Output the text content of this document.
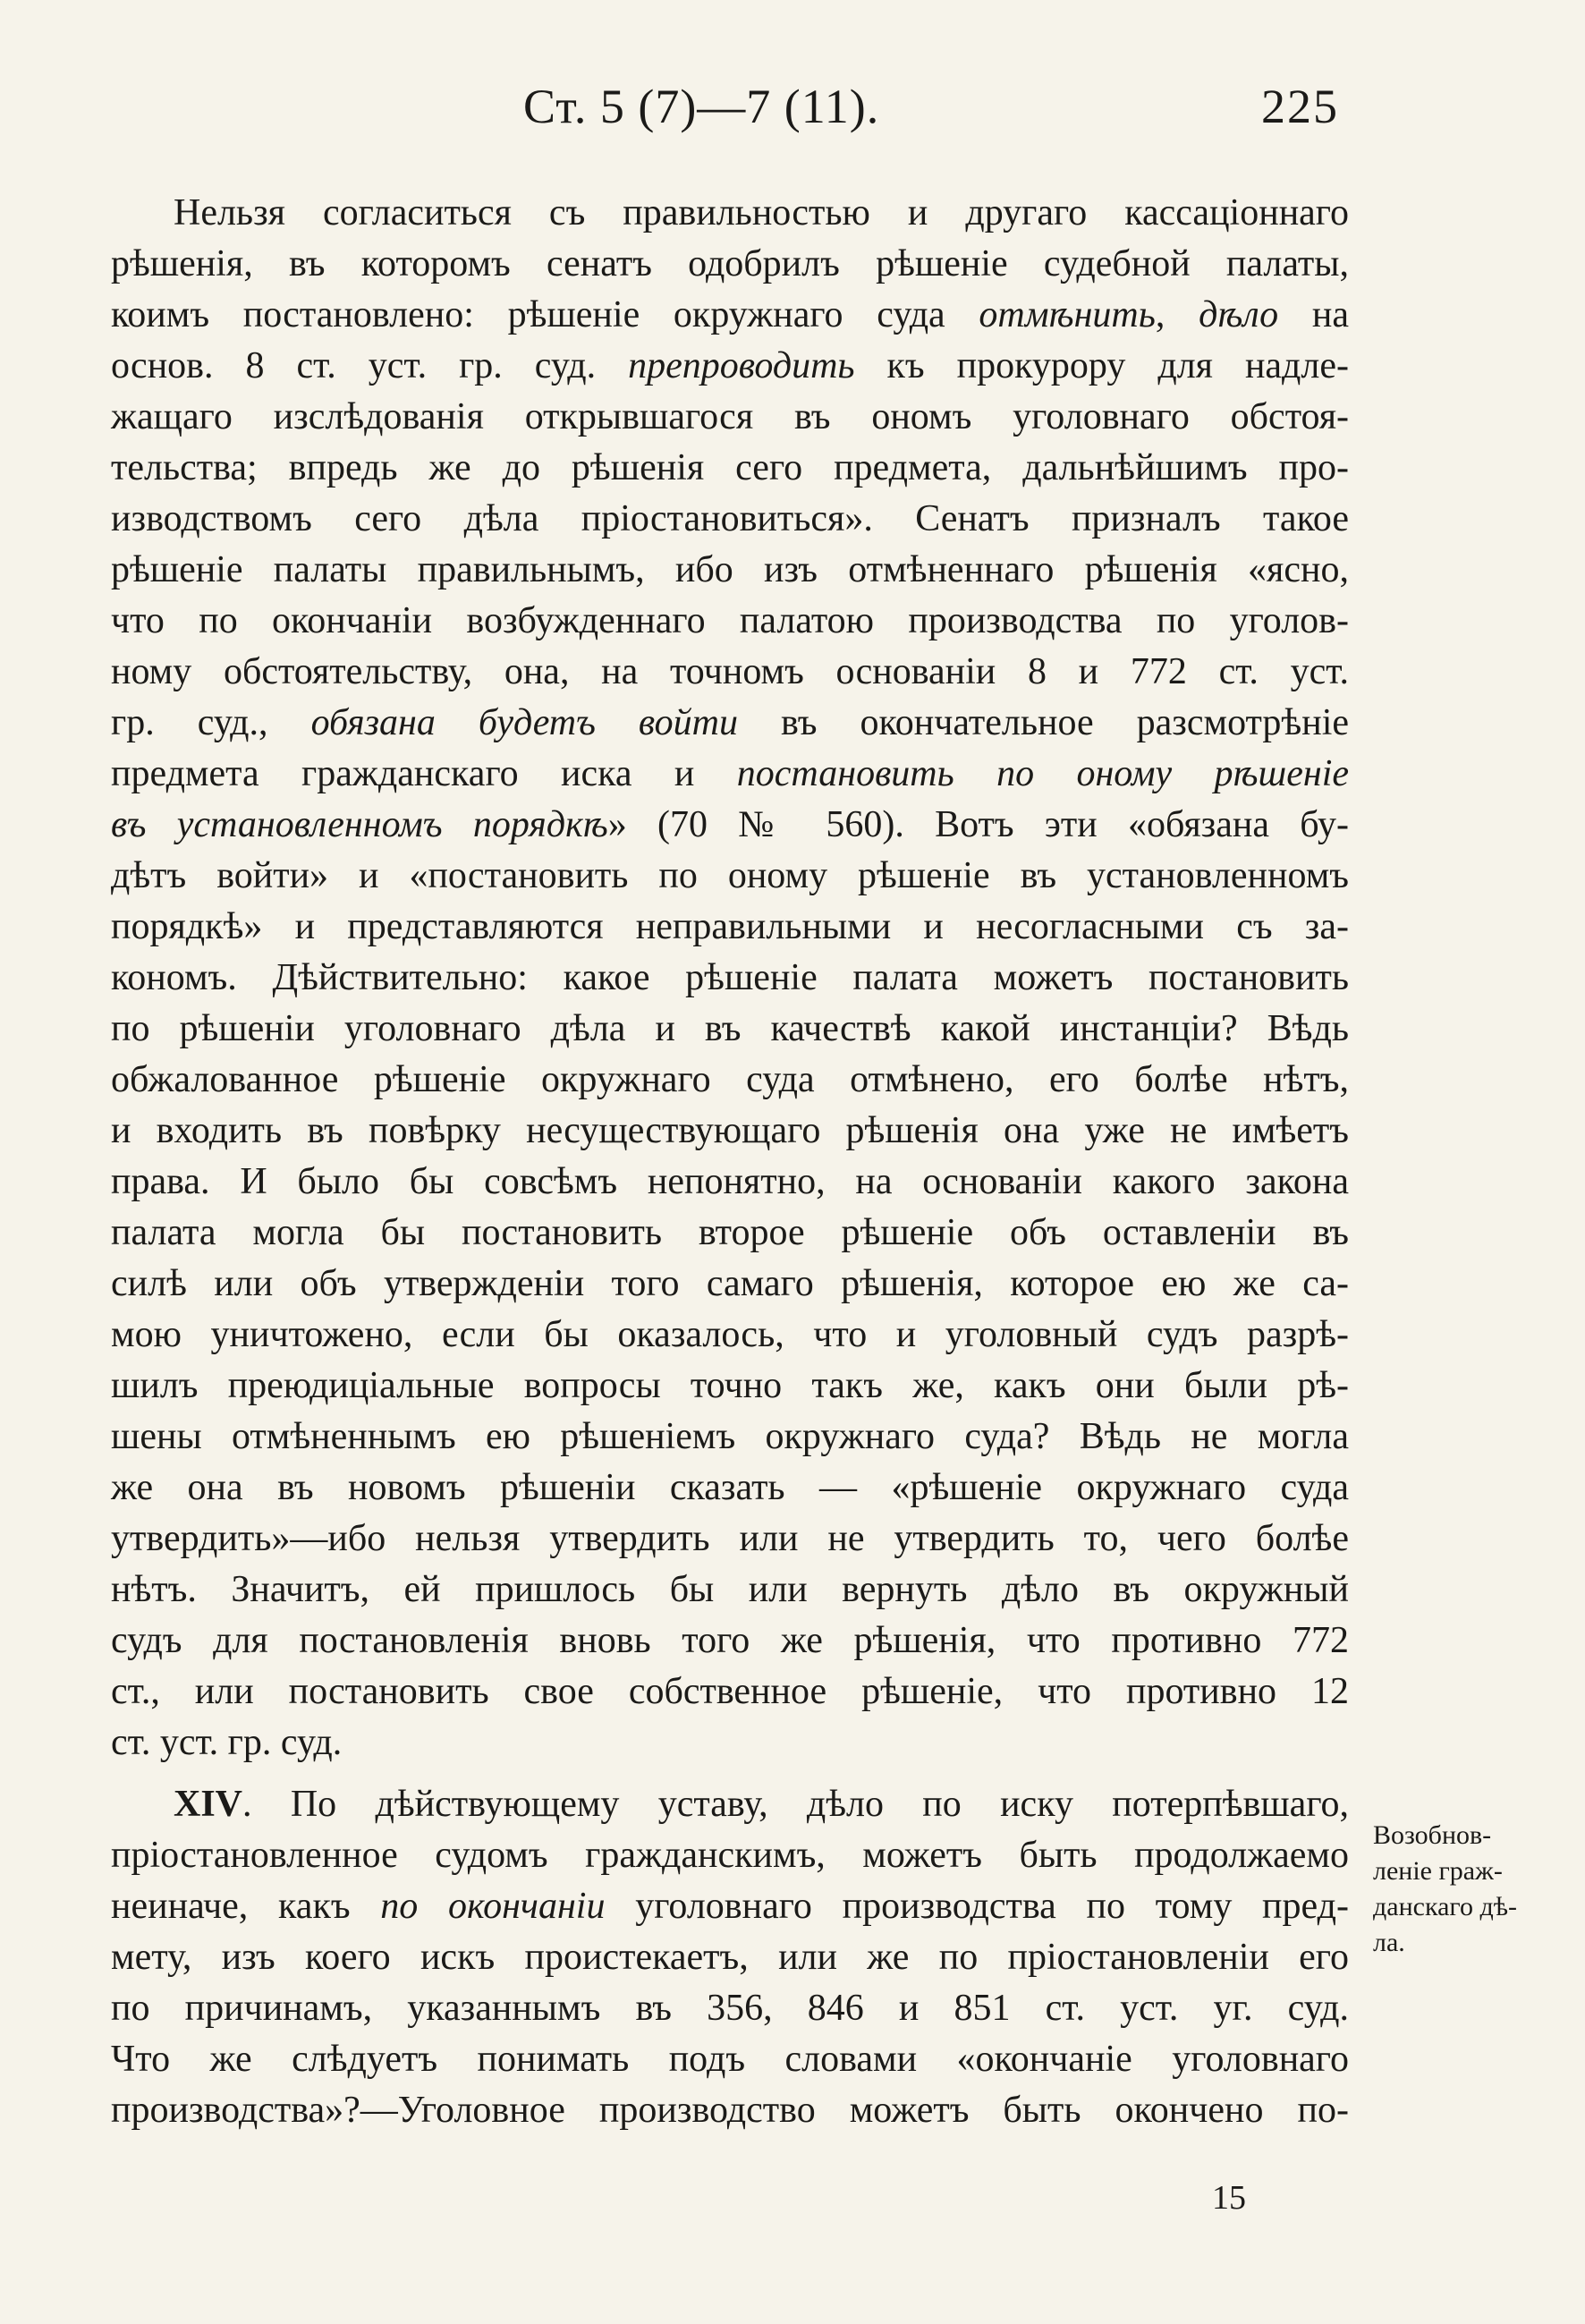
Ст. 5 (7)—7 (11).	225
Нельзя согласиться съ правильностью и другаго кассаціоннаго
рѣшенія, въ которомъ сенатъ одобрилъ рѣшеніе судебной палаты,
коимъ постановлено: рѣшеніе окружнаго суда отмѣнить, дѣло на
основ. 8 ст. уст. гр. суд. препроводить къ прокурору для надле-
жащаго изслѣдованія открывшагося въ ономъ уголовнаго обстоя-
тельства; впредь же до рѣшенія сего предмета, дальнѣйшимъ про-
изводствомъ сего дѣла пріостановиться». Сенатъ призналъ такое
рѣшеніе палаты правильнымъ, ибо изъ отмѣненнаго рѣшенія «ясно,
что по окончаніи возбужденнаго палатою производства по уголов-
ному обстоятельству, она, на точномъ основаніи 8 и 772 ст. уст.
гр. суд., обязана будетъ войти въ окончательное разсмотрѣніе
предмета гражданскаго иска и постановить по оному рѣшеніе
въ установленномъ порядкѣ» (70 № 560). Вотъ эти «обязана бу-
дѣтъ войти» и «постановить по оному рѣшеніе въ установленномъ
порядкѣ» и представляются неправильными и несогласными съ за-
кономъ. Дѣйствительно: какое рѣшеніе палата можетъ постановить
по рѣшеніи уголовнаго дѣла и въ качествѣ какой инстанціи? Вѣдь
обжалованное рѣшеніе окружнаго суда отмѣнено, его болѣе нѣтъ,
и входить въ повѣрку несуществующаго рѣшенія она уже не имѣетъ
права. И было бы совсѣмъ непонятно, на основаніи какого закона
палата могла бы постановить второе рѣшеніе объ оставленіи въ
силѣ или объ утвержденіи того самаго рѣшенія, которое ею же са-
мою уничтожено, если бы оказалось, что и уголовный судъ разрѣ-
шилъ преюдиціальные вопросы точно такъ же, какъ они были рѣ-
шены отмѣненнымъ ею рѣшеніемъ окружнаго суда? Вѣдь не могла
же она въ новомъ рѣшеніи сказать — «рѣшеніе окружнаго суда
утвердить»—ибо нельзя утвердить или не утвердить то, чего болѣе
нѣтъ. Значитъ, ей пришлось бы или вернуть дѣло въ окружный
судъ для постановленія вновь того же рѣшенія, что противно 772
ст., или постановить свое собственное рѣшеніе, что противно 12
ст. уст. гр. суд.
XIV. По дѣйствующему уставу, дѣло по иску потерпѣвшаго,
пріостановленное судомъ гражданскимъ, можетъ быть продолжаемо
неиначе, какъ по окончаніи уголовнаго производства по тому пред-
мету, изъ коего искъ проистекаетъ, или же по пріостановленіи его
по причинамъ, указаннымъ въ 356, 846 и 851 ст. уст. уг. суд.
Что же слѣдуетъ понимать подъ словами «окончаніе уголовнаго
производства»?—Уголовное производство можетъ быть окончено по-
Возобнов-
леніе граж-
данскаго дѣ-
ла.
15
